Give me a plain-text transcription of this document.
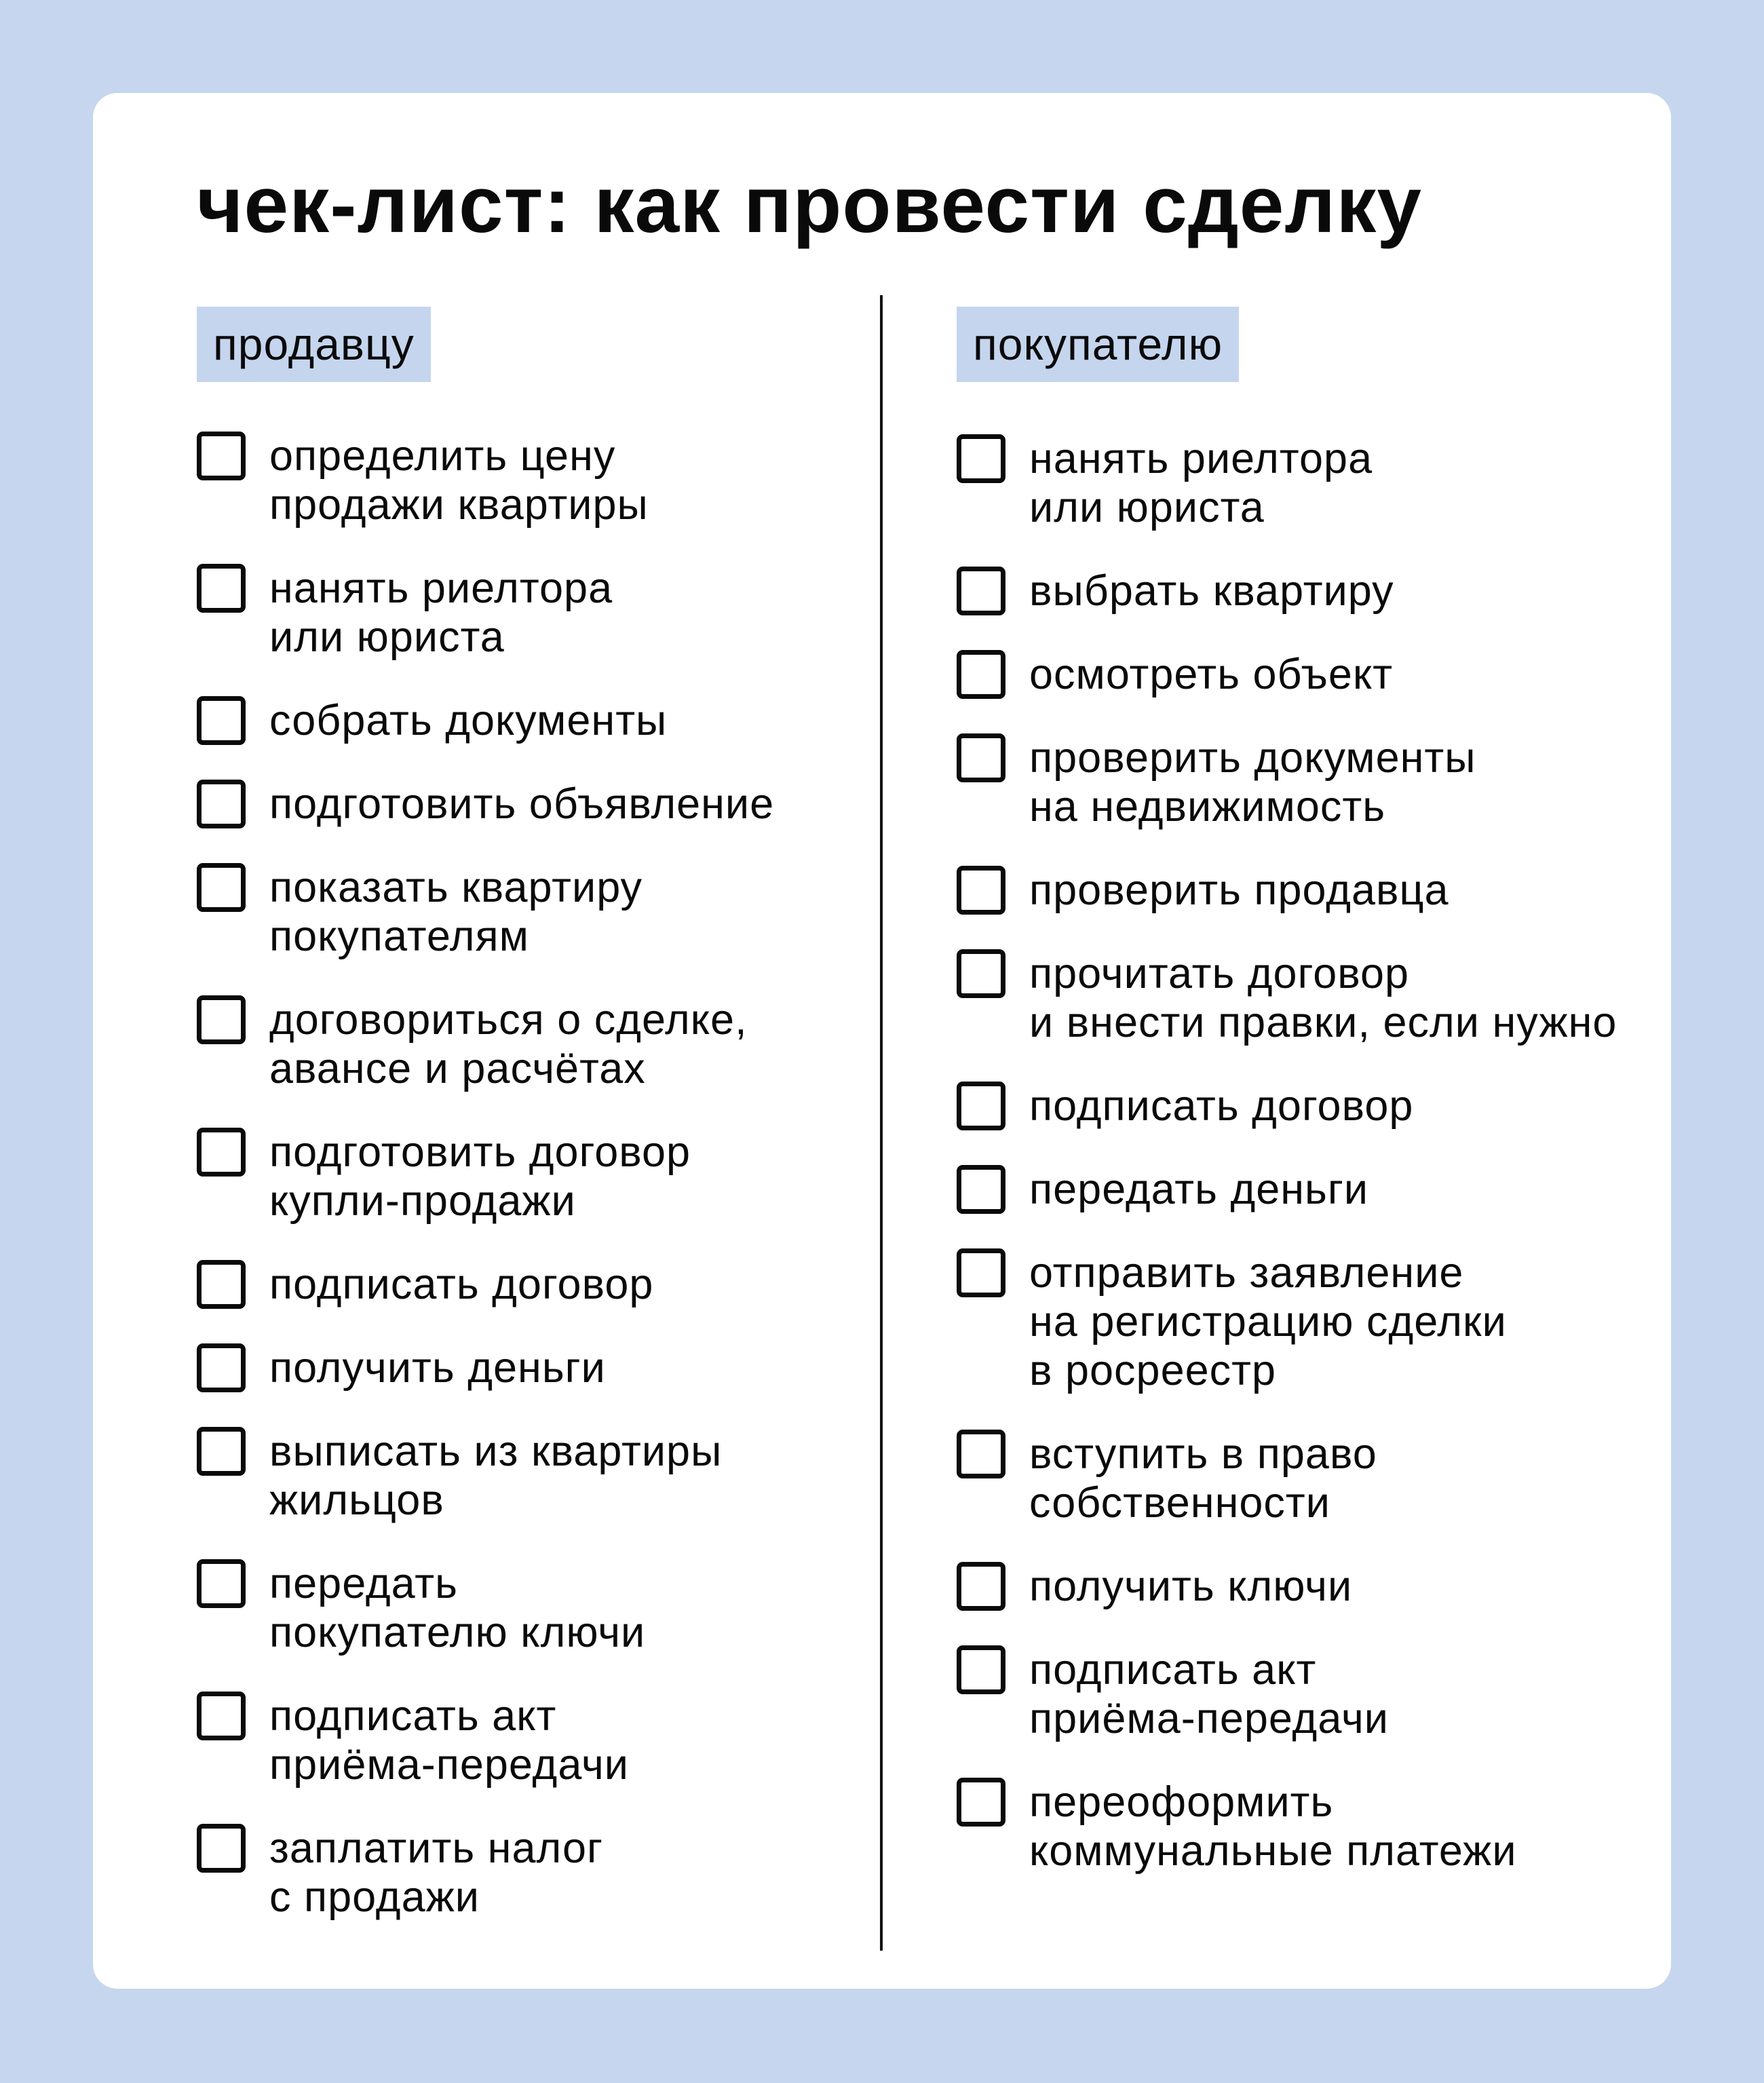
чек-лист: как провести сделку
продавцу
определить цену
продажи квартиры
нанять риелтора
или юриста
собрать документы
подготовить объявление
показать квартиру
покупателям
договориться о сделке,
авансе и расчётах
подготовить договор
купли-продажи
подписать договор
получить деньги
выписать из квартиры
жильцов
передать
покупателю ключи
подписать акт
приёма-передачи
заплатить налог
с продажи
покупателю
нанять риелтора
или юриста
выбрать квартиру
осмотреть объект
проверить документы
на недвижимость
проверить продавца
прочитать договор
и внести правки, если нужно
подписать договор
передать деньги
отправить заявление
на регистрацию сделки
в росреестр
вступить в право
собственности
получить ключи
подписать акт
приёма-передачи
переоформить
коммунальные платежи
